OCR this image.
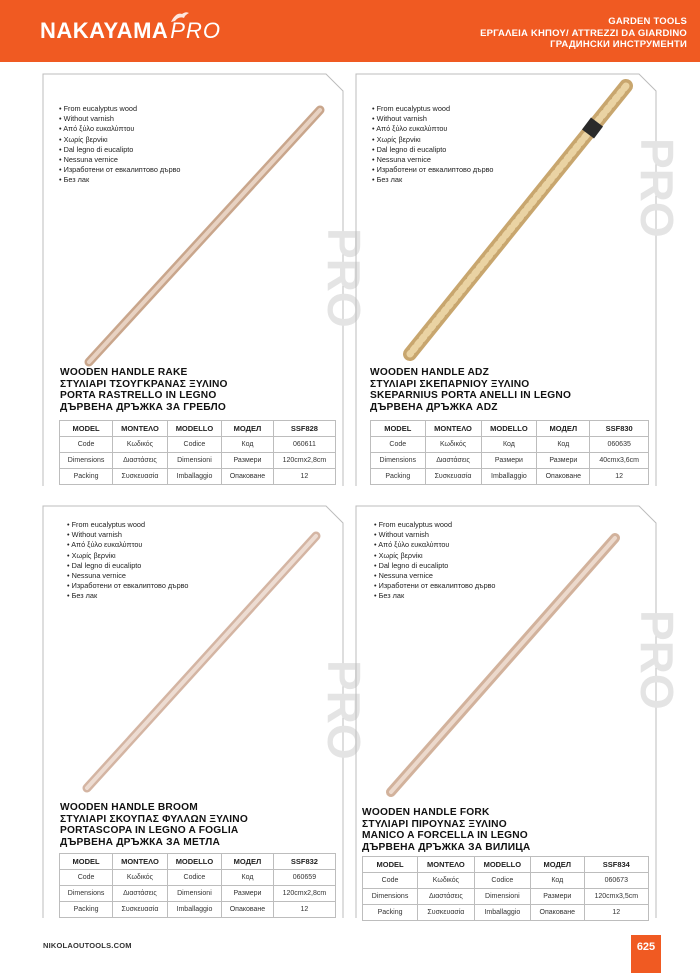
NAKAYAMA PRO	GARDEN TOOLS
ΕΡΓΑΛΕΙΑ ΚΗΠΟΥ/ ATTREZZI DA GIARDINO
ГРАДИНСКИ ИНСТРУМЕНТИ
PRO
• From eucalyptus wood
• Without varnish
• Από ξύλο ευκαλύπτου
• Χωρίς βερνίκι
• Dal legno di eucalipto
• Nessuna vernice
• Изработени от евкалиптово дърво
• Без лак
WOODEN HANDLE RAKE
ΣΤΥΛΙΑΡΙ ΤΣΟΥΓΚΡΑΝΑΣ ΞΥΛΙΝΟ
PORTA RASTRELLO IN LEGNO
ДЪРВЕНА ДРЪЖКА ЗА ГРЕБЛО
MODEL	ΜΟΝΤΕΛΟ	MODELLO	МОДЕЛ	SSF828
Code	Κωδικός	Codice	Код	060611
Dimensions	Διαστάσεις	Dimensioni	Размери	120cmx2,8cm
Packing	Συσκευασία	Imballaggio	Опаковане	12
PRO
• From eucalyptus wood
• Without varnish
• Από ξύλο ευκαλύπτου
• Χωρίς βερνίκι
• Dal legno di eucalipto
• Nessuna vernice
• Изработени от евкалиптово дърво
• Без лак
WOODEN HANDLE ADZ
ΣΤΥΛΙΑΡΙ ΣΚΕΠΑΡΝΙΟΥ ΞΥΛΙΝΟ
SKEPARNIUS PORTA ANELLI IN LEGNO
ДЪРВЕНА ДРЪЖКА ADZ
MODEL	ΜΟΝΤΕΛΟ	MODELLO	МОДЕЛ	SSF830
Code	Κωδικός	Код	Код	060635
Dimensions	Διαστάσεις	Размери	Размери	40cmx3,6cm
Packing	Συσκευασία	Imballaggio	Опаковане	12
PRO
• From eucalyptus wood
• Without varnish
• Από ξύλο ευκαλύπτου
• Χωρίς βερνίκι
• Dal legno di eucalipto
• Nessuna vernice
• Изработени от евкалиптово дърво
• Без лак
WOODEN HANDLE BROOM
ΣΤΥΛΙΑΡΙ ΣΚΟΥΠΑΣ ΦΥΛΛΩΝ ΞΥΛΙΝΟ
PORTASCOPA IN LEGNO A FOGLIA
ДЪРВЕНА ДРЪЖКА ЗА МЕТЛА
MODEL	ΜΟΝΤΕΛΟ	MODELLO	МОДЕЛ	SSF832
Code	Κωδικός	Codice	Код	060659
Dimensions	Διαστάσεις	Dimensioni	Размери	120cmx2,8cm
Packing	Συσκευασία	Imballaggio	Опаковане	12
PRO
• From eucalyptus wood
• Without varnish
• Από ξύλο ευκαλύπτου
• Χωρίς βερνίκι
• Dal legno di eucalipto
• Nessuna vernice
• Изработени от евкалиптово дърво
• Без лак
WOODEN HANDLE FORK
ΣΤΥΛΙΑΡΙ ΠΙΡΟΥΝΑΣ ΞΥΛΙΝΟ
MANICO A FORCELLA IN LEGNO
ДЪРВЕНА ДРЪЖКА ЗА ВИЛИЦА
MODEL	ΜΟΝΤΕΛΟ	MODELLO	МОДЕЛ	SSF834
Code	Κωδικός	Codice	Код	060673
Dimensions	Διαστάσεις	Dimensioni	Размери	120cmx3,5cm
Packing	Συσκευασία	Imballaggio	Опаковане	12
NIKOLAOUTOOLS.COM	625
